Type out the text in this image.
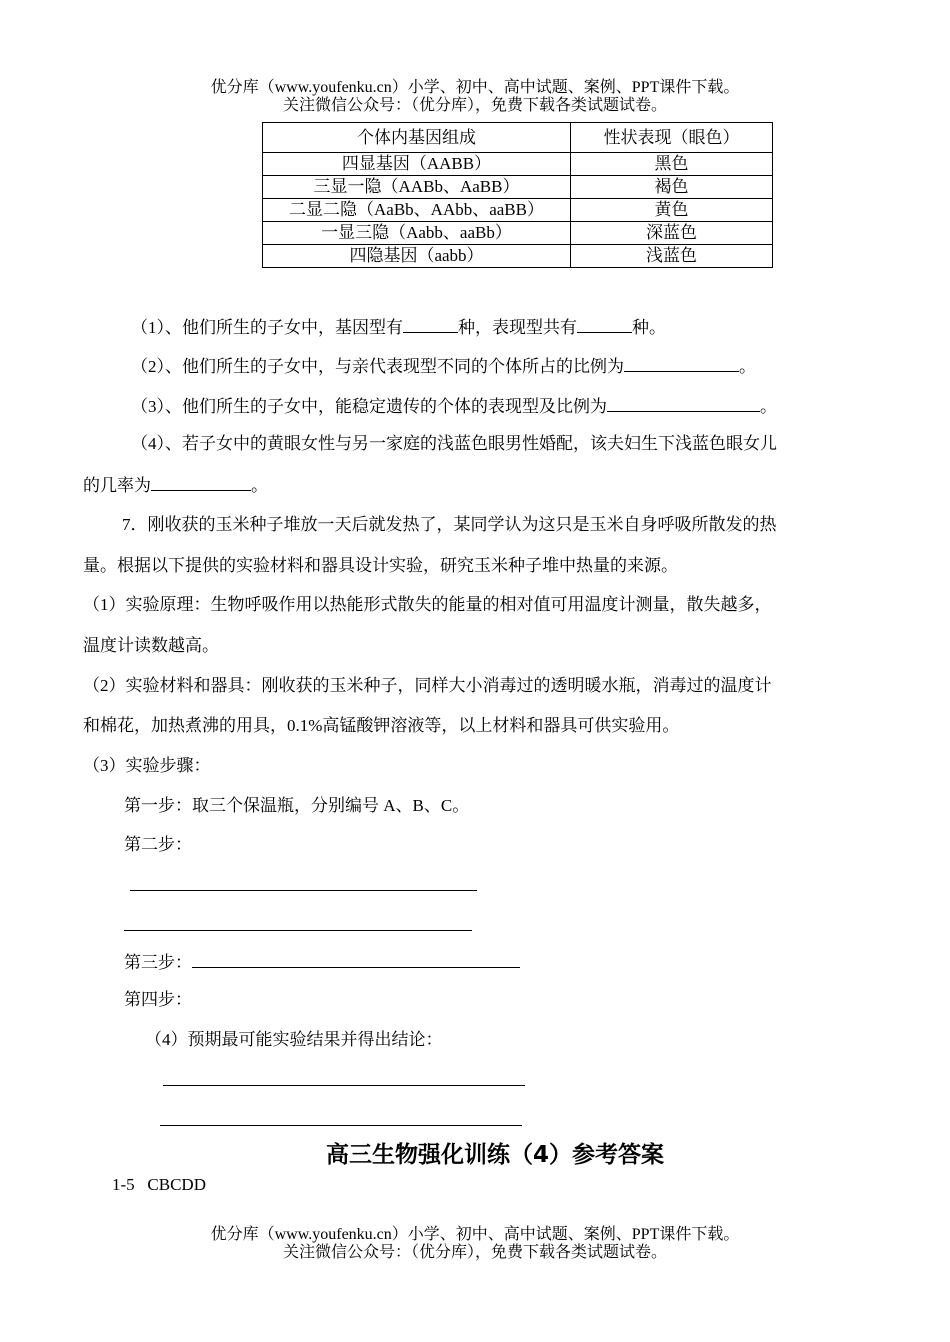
优分库（www.youfenku.cn）小学、初中、高中试题、案例、PPT课件下载。
关注微信公众号：（优分库），免费下载各类试题试卷。
个体内基因组成	性状表现（眼色）
四显基因（AABB）	黑色
三显一隐（AABb、AaBB）	褐色
二显二隐（AaBb、AAbb、aaBB）	黄色
一显三隐（Aabb、aaBb）	深蓝色
四隐基因（aabb）	浅蓝色
（1）、他们所生的子女中，基因型有	种，表现型共有	种。
（2）、他们所生的子女中，与亲代表现型不同的个体所占的比例为	。
（3）、他们所生的子女中，能稳定遗传的个体的表现型及比例为	。
（4）、若子女中的黄眼女性与另一家庭的浅蓝色眼男性婚配，该夫妇生下浅蓝色眼女儿
的几率为	。
7．刚收获的玉米种子堆放一天后就发热了，某同学认为这只是玉米自身呼吸所散发的热
量。根据以下提供的实验材料和器具设计实验，研究玉米种子堆中热量的来源。
（1）实验原理：生物呼吸作用以热能形式散失的能量的相对值可用温度计测量，散失越多，
温度计读数越高。
（2）实验材料和器具：刚收获的玉米种子，同样大小消毒过的透明暖水瓶，消毒过的温度计
和棉花，加热煮沸的用具，0.1%高锰酸钾溶液等，以上材料和器具可供实验用。
（3）实验步骤：
第一步：取三个保温瓶，分别编号 A、B、C。
第二步：
第三步：
第四步：
（4）预期最可能实验结果并得出结论：
高三生物强化训练（4）参考答案
1-5   CBCDD
优分库（www.youfenku.cn）小学、初中、高中试题、案例、PPT课件下载。
关注微信公众号：（优分库），免费下载各类试题试卷。
